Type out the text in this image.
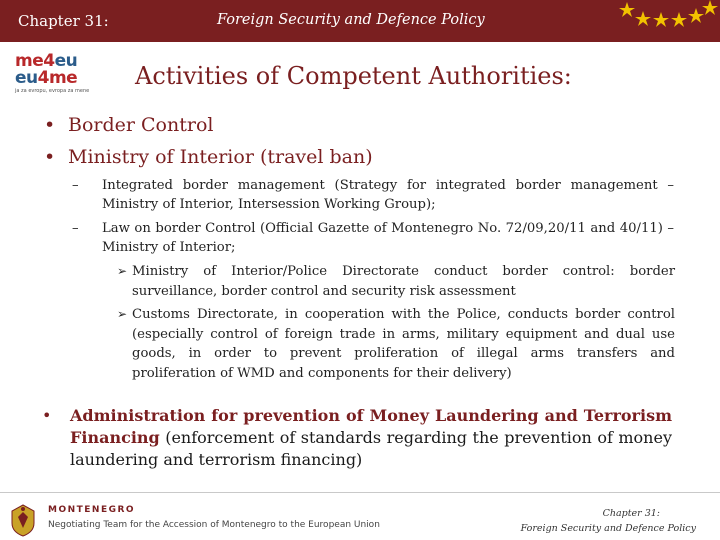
Chapter 31:	Foreign Security and Defence Policy
me4eu
eu4me
ja za evropu, evropa za mene
Activities of Competent Authorities:
• Border Control
• Ministry of Interior (travel ban)
– Integrated border management (Strategy for integrated border management – Ministry of Interior, Intersession Working Group);
– Law on border Control (Official Gazette of Montenegro No. 72/09,20/11 and 40/11) – Ministry of Interior;
➢ Ministry of Interior/Police Directorate conduct border control: border surveillance, border control and security risk assessment
➢ Customs Directorate, in cooperation with the Police, conducts border control (especially control of foreign trade in arms, military equipment and dual use goods, in order to prevent proliferation of illegal arms transfers and proliferation of WMD and components for their delivery)
• Administration for prevention of Money Laundering and Terrorism Financing (enforcement of standards regarding the prevention of money laundering and terrorism financing)
MONTENEGRO
Negotiating Team for the Accession of Montenegro to the European Union
Chapter 31:
Foreign Security and Defence Policy
